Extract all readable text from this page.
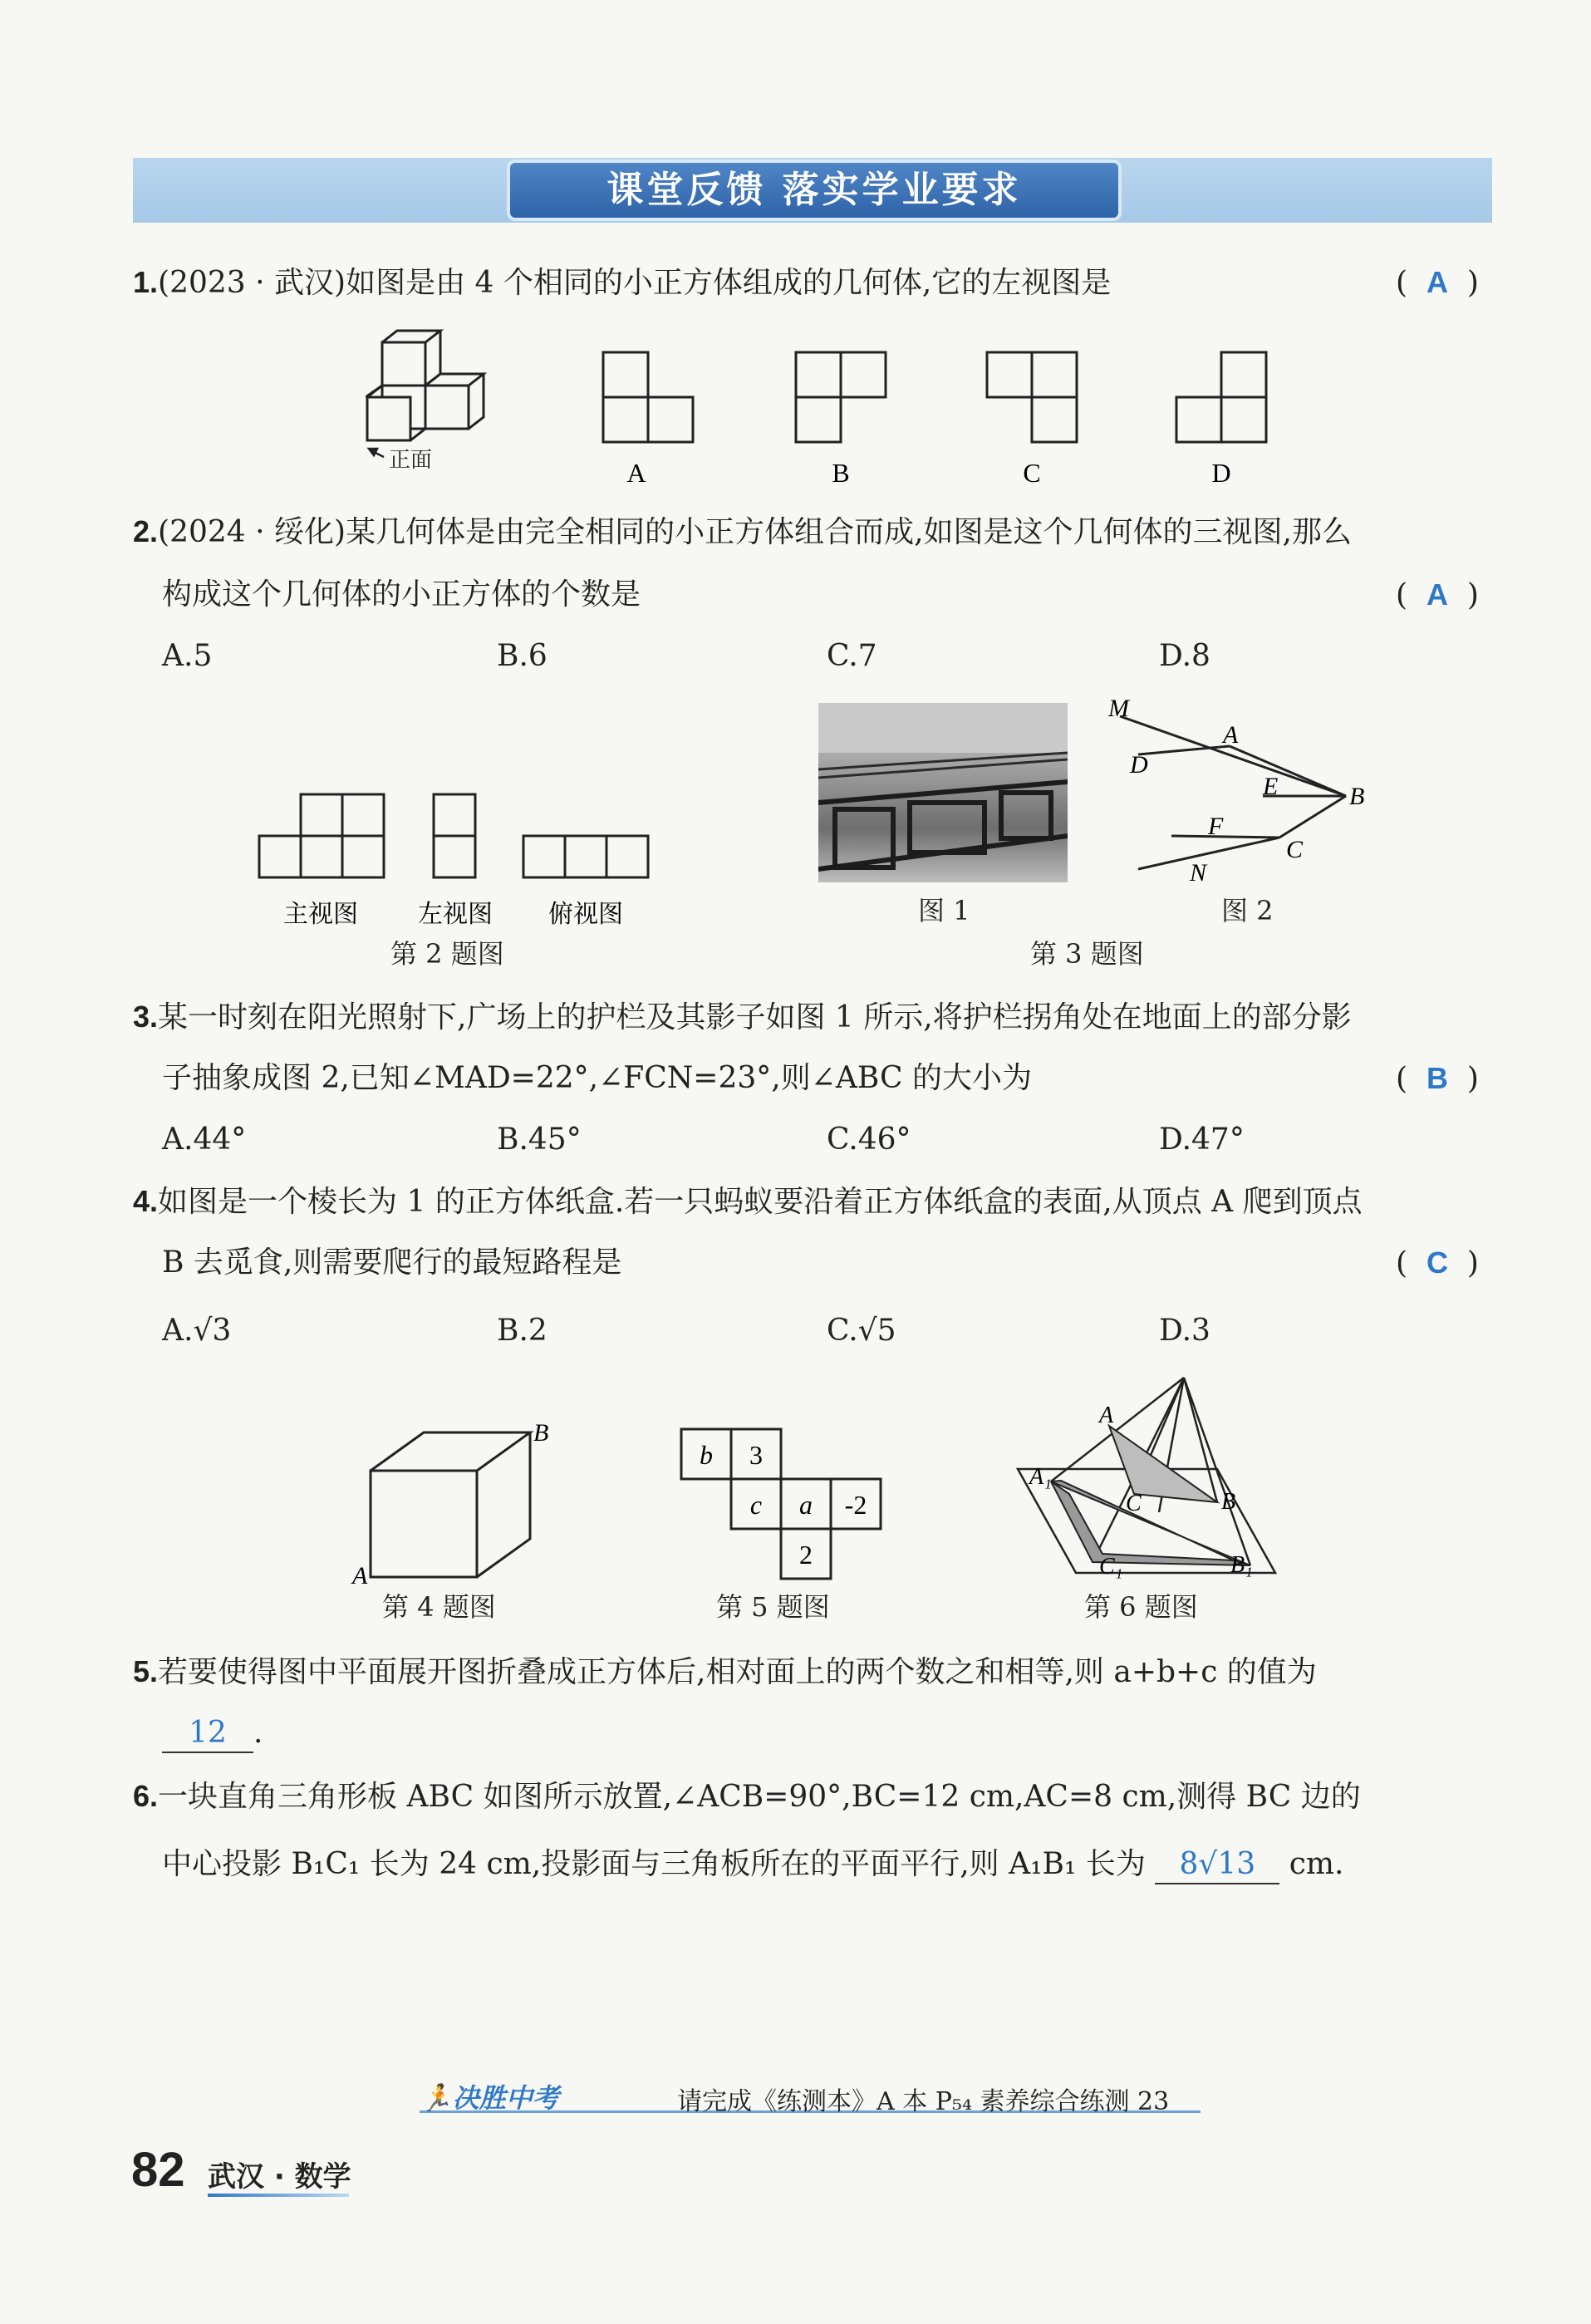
课堂反馈 落实学业要求
1.(2023 · 武汉)如图是由 4 个相同的小正方体组成的几何体,它的左视图是	(  A  )
正面	A	B	C	D
2.(2024 · 绥化)某几何体是由完全相同的小正方体组合而成,如图是这个几何体的三视图,那么
构成这个几何体的小正方体的个数是	(  A  )
A.5	B.6	C.7	D.8
主视图 左视图 俯视图
第 2 题图
图 1
M
D
A
E	B
F
C
N
图 2
第 3 题图
3.某一时刻在阳光照射下,广场上的护栏及其影子如图 1 所示,将护栏拐角处在地面上的部分影
子抽象成图 2,已知∠MAD=22°,∠FCN=23°,则∠ABC 的大小为	(  B  )
A.44°	B.45°	C.46°	D.47°
4.如图是一个棱长为 1 的正方体纸盒.若一只蚂蚁要沿着正方体纸盒的表面,从顶点 A 爬到顶点
B 去觅食,则需要爬行的最短路程是	(  C  )
A.√3	B.2	C.√5	D.3
A
B
第 4 题图
b 3
c a -2
2
第 5 题图
A
A₁
B
B₁
C
C₁
第 6 题图
5.若要使得图中平面展开图折叠成正方体后,相对面上的两个数之和相等,则 a+b+c 的值为
12 .
6.一块直角三角形板 ABC 如图所示放置,∠ACB=90°,BC=12 cm,AC=8 cm,测得 BC 边的
中心投影 B₁C₁ 长为 24 cm,投影面与三角板所在的平面平行,则 A₁B₁ 长为 8√13 cm.
🏃决胜中考	请完成《练测本》A 本 P₅₄ 素养综合练测 23
82 武汉 · 数学
